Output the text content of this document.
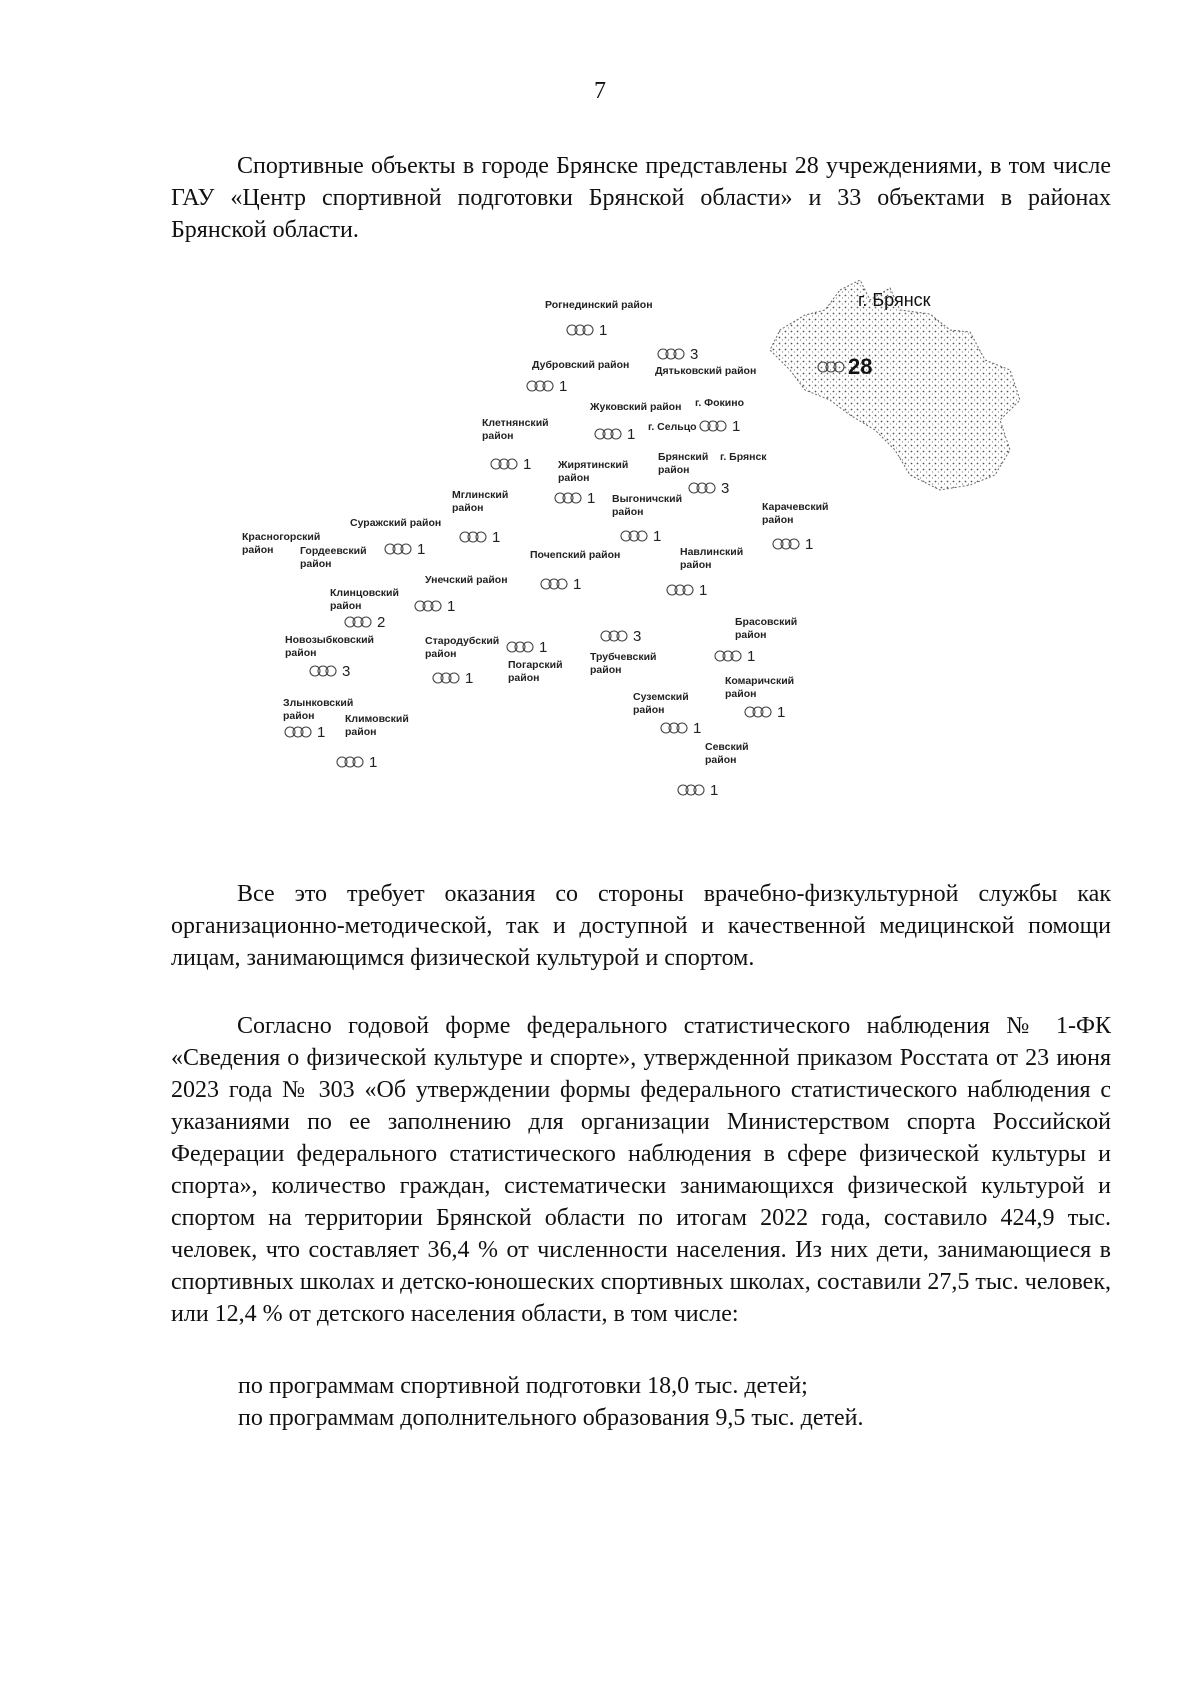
7

Спортивные объекты в городе Брянске представлены 28 учреждениями, в том числе ГАУ «Центр спортивной подготовки Брянской области» и 33 объектами в районах Брянской области.

г. Брянск
28
Рогнединский район
1
Дубровский район
1
Дятьковский район
3
Жуковский район г. Фокино
1
г. Сельцо
1
Клетнянский район
1	Жирятинский район
1
Брянский район
г. Брянск
3
Мглинский район
1
Выгоничский район
1
Карачевский район
1
Суражский район
Красногорский район	Гордеевский район
1	Почепский район
1
Навлинский район
1
Унечский район
1
Клинцовский район
2
Новозыбковский район
3
Стародубский район
1
Погарский район
1
Трубчевский район
3
Брасовский район
1
Комаричский район
1
Суземский район
1
Злынковский район
1
Климовский район
1
Севский район
1

Все это требует оказания со стороны врачебно-физкультурной службы как организационно-методической, так и доступной и качественной медицинской помощи лицам, занимающимся физической культурой и спортом.

Согласно годовой форме федерального статистического наблюдения № 1-ФК «Сведения о физической культуре и спорте», утвержденной приказом Росстата от 23 июня 2023 года № 303 «Об утверждении формы федерального статистического наблюдения с указаниями по ее заполнению для организации Министерством спорта Российской Федерации федерального статистического наблюдения в сфере физической культуры и спорта», количество граждан, систематически занимающихся физической культурой и спортом на территории Брянской области по итогам 2022 года, составило 424,9 тыс. человек, что составляет 36,4 % от численности населения. Из них дети, занимающиеся в спортивных школах и детско-юношеских спортивных школах, составили 27,5 тыс. человек, или 12,4 % от детского населения области, в том числе:

по программам спортивной подготовки 18,0 тыс. детей;

по программам дополнительного образования 9,5 тыс. детей.
